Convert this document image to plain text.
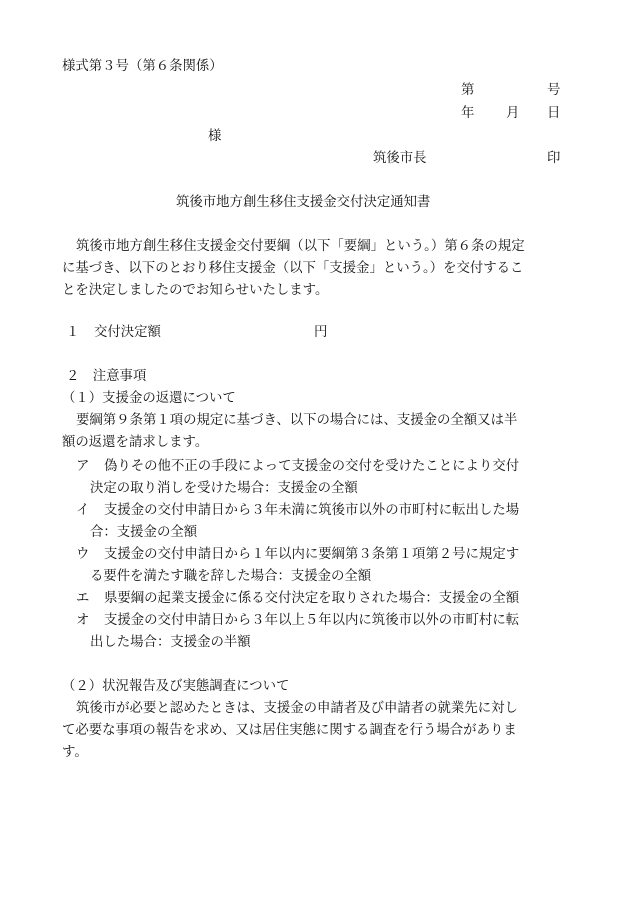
様式第３号（第６条関係）
第	号
年 月 日
様
筑後市長	印
筑後市地方創生移住支援金交付決定通知書
筑後市地方創生移住支援金交付要綱（以下「要綱」という。）第６条の規定
に基づき、以下のとおり移住支援金（以下「支援金」という。）を交付するこ
とを決定しましたのでお知らせいたします。
１ 交付決定額	円
２　注意事項
（１）支援金の返還について
要綱第９条第１項の規定に基づき、以下の場合には、支援金の全額又は半
額の返還を請求します。
ア 偽りその他不正の手段によって支援金の交付を受けたことにより交付
決定の取り消しを受けた場合：支援金の全額
イ 支援金の交付申請日から３年未満に筑後市以外の市町村に転出した場
合：支援金の全額
ウ 支援金の交付申請日から１年以内に要綱第３条第１項第２号に規定す
る要件を満たす職を辞した場合：支援金の全額
エ 県要綱の起業支援金に係る交付決定を取りされた場合：支援金の全額
オ 支援金の交付申請日から３年以上５年以内に筑後市以外の市町村に転
出した場合：支援金の半額
（２）状況報告及び実態調査について
筑後市が必要と認めたときは、支援金の申請者及び申請者の就業先に対し
て必要な事項の報告を求め、又は居住実態に関する調査を行う場合がありま
す。
